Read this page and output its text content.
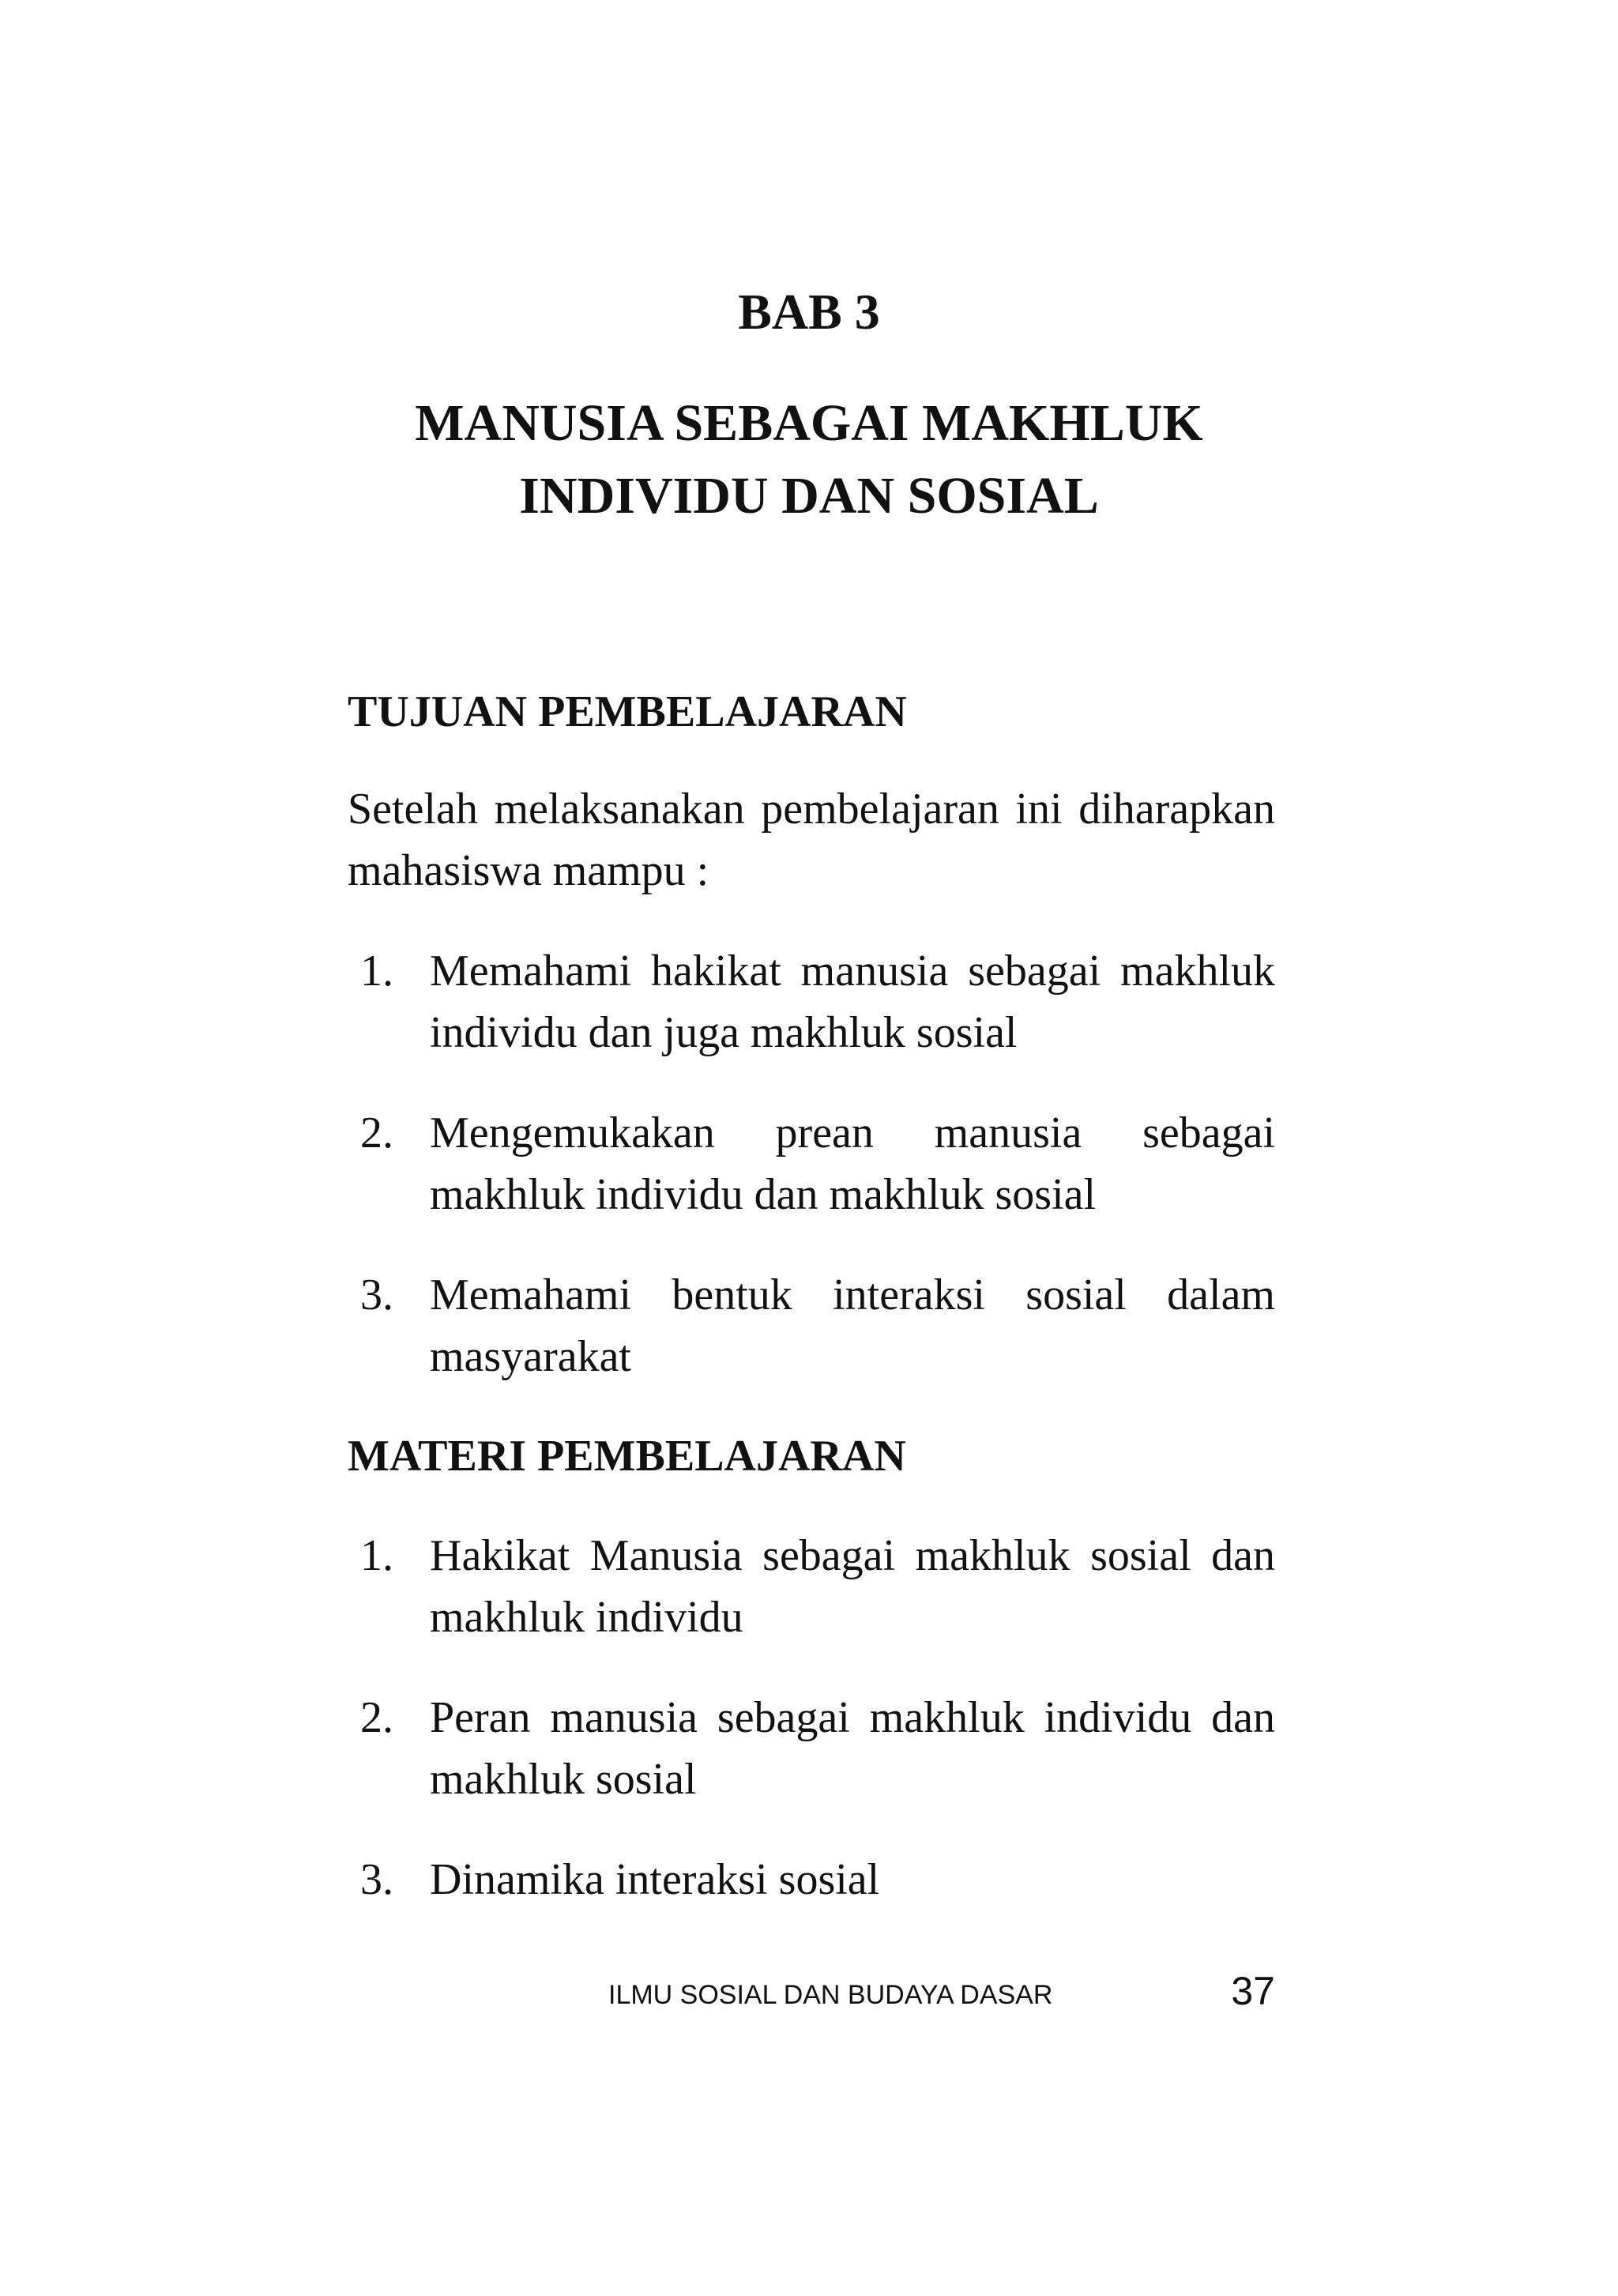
BAB 3
MANUSIA SEBAGAI MAKHLUK
INDIVIDU DAN SOSIAL
TUJUAN PEMBELAJARAN

Setelah melaksanakan pembelajaran ini diharapkan mahasiswa mampu :

1. Memahami hakikat manusia sebagai makhluk individu dan juga makhluk sosial
2. Mengemukakan prean manusia sebagai makhluk individu dan makhluk sosial
3. Memahami bentuk interaksi sosial dalam masyarakat
MATERI PEMBELAJARAN
1. Hakikat Manusia sebagai makhluk sosial dan makhluk individu
2. Peran manusia sebagai makhluk individu dan makhluk sosial
3. Dinamika interaksi sosial

ILMU SOSIAL DAN BUDAYA DASAR	37
